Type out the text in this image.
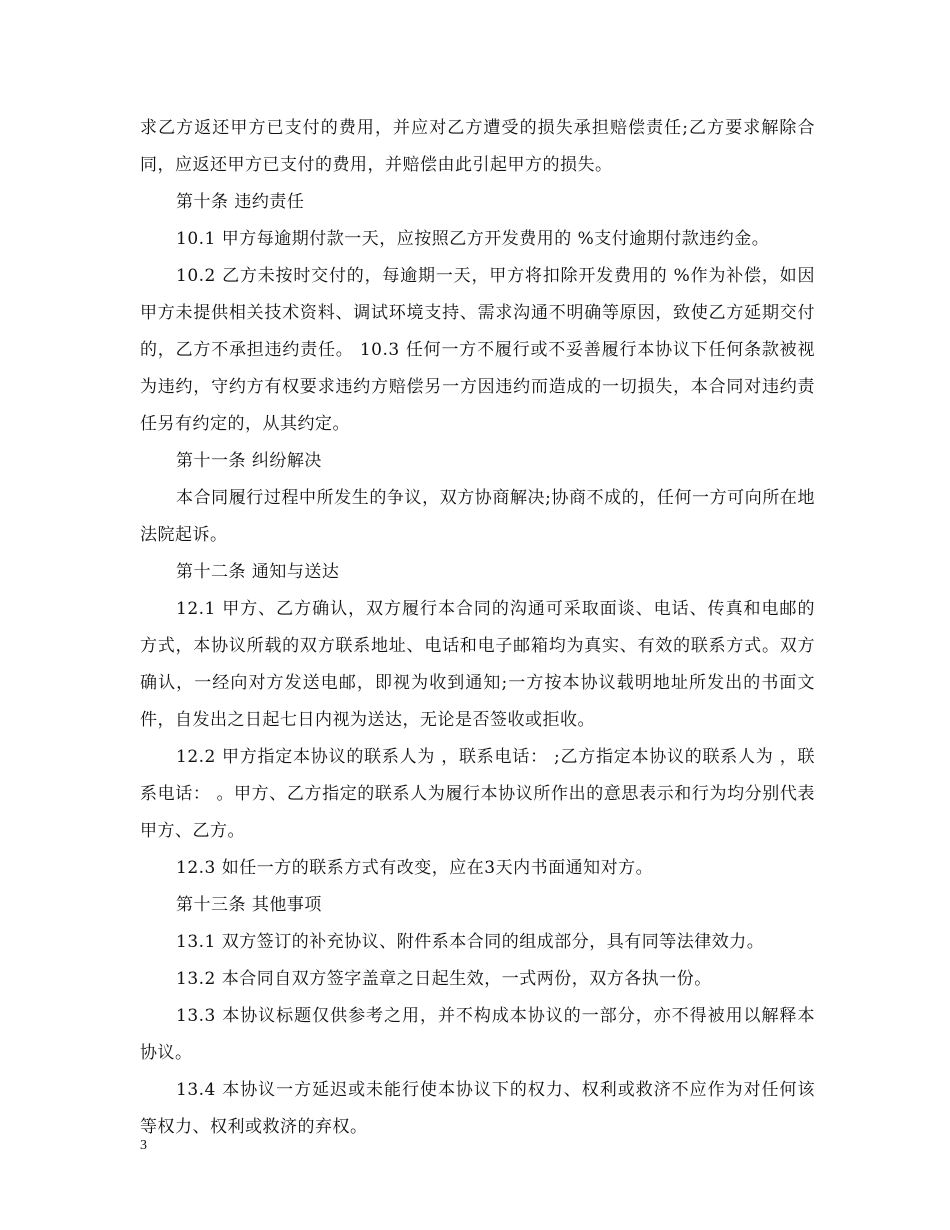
求乙方返还甲方已支付的费用，并应对乙方遭受的损失承担赔偿责任;乙方要求解除合同，应返还甲方已支付的费用，并赔偿由此引起甲方的损失。

第十条 违约责任

10.1 甲方每逾期付款一天，应按照乙方开发费用的 %支付逾期付款违约金。

10.2 乙方未按时交付的，每逾期一天，甲方将扣除开发费用的 %作为补偿，如因甲方未提供相关技术资料、调试环境支持、需求沟通不明确等原因，致使乙方延期交付的，乙方不承担违约责任。 10.3 任何一方不履行或不妥善履行本协议下任何条款被视为违约，守约方有权要求违约方赔偿另一方因违约而造成的一切损失，本合同对违约责任另有约定的，从其约定。

第十一条 纠纷解决

本合同履行过程中所发生的争议，双方协商解决;协商不成的，任何一方可向所在地法院起诉。

第十二条 通知与送达

12.1 甲方、乙方确认，双方履行本合同的沟通可采取面谈、电话、传真和电邮的方式，本协议所载的双方联系地址、电话和电子邮箱均为真实、有效的联系方式。双方确认，一经向对方发送电邮，即视为收到通知;一方按本协议载明地址所发出的书面文件，自发出之日起七日内视为送达，无论是否签收或拒收。

12.2 甲方指定本协议的联系人为 ，联系电话： ;乙方指定本协议的联系人为 ，联系电话： 。甲方、乙方指定的联系人为履行本协议所作出的意思表示和行为均分别代表甲方、乙方。

12.3 如任一方的联系方式有改变，应在3天内书面通知对方。

第十三条 其他事项

13.1 双方签订的补充协议、附件系本合同的组成部分，具有同等法律效力。

13.2 本合同自双方签字盖章之日起生效，一式两份，双方各执一份。

13.3 本协议标题仅供参考之用，并不构成本协议的一部分，亦不得被用以解释本协议。

13.4 本协议一方延迟或未能行使本协议下的权力、权利或救济不应作为对任何该等权力、权利或救济的弃权。

3
